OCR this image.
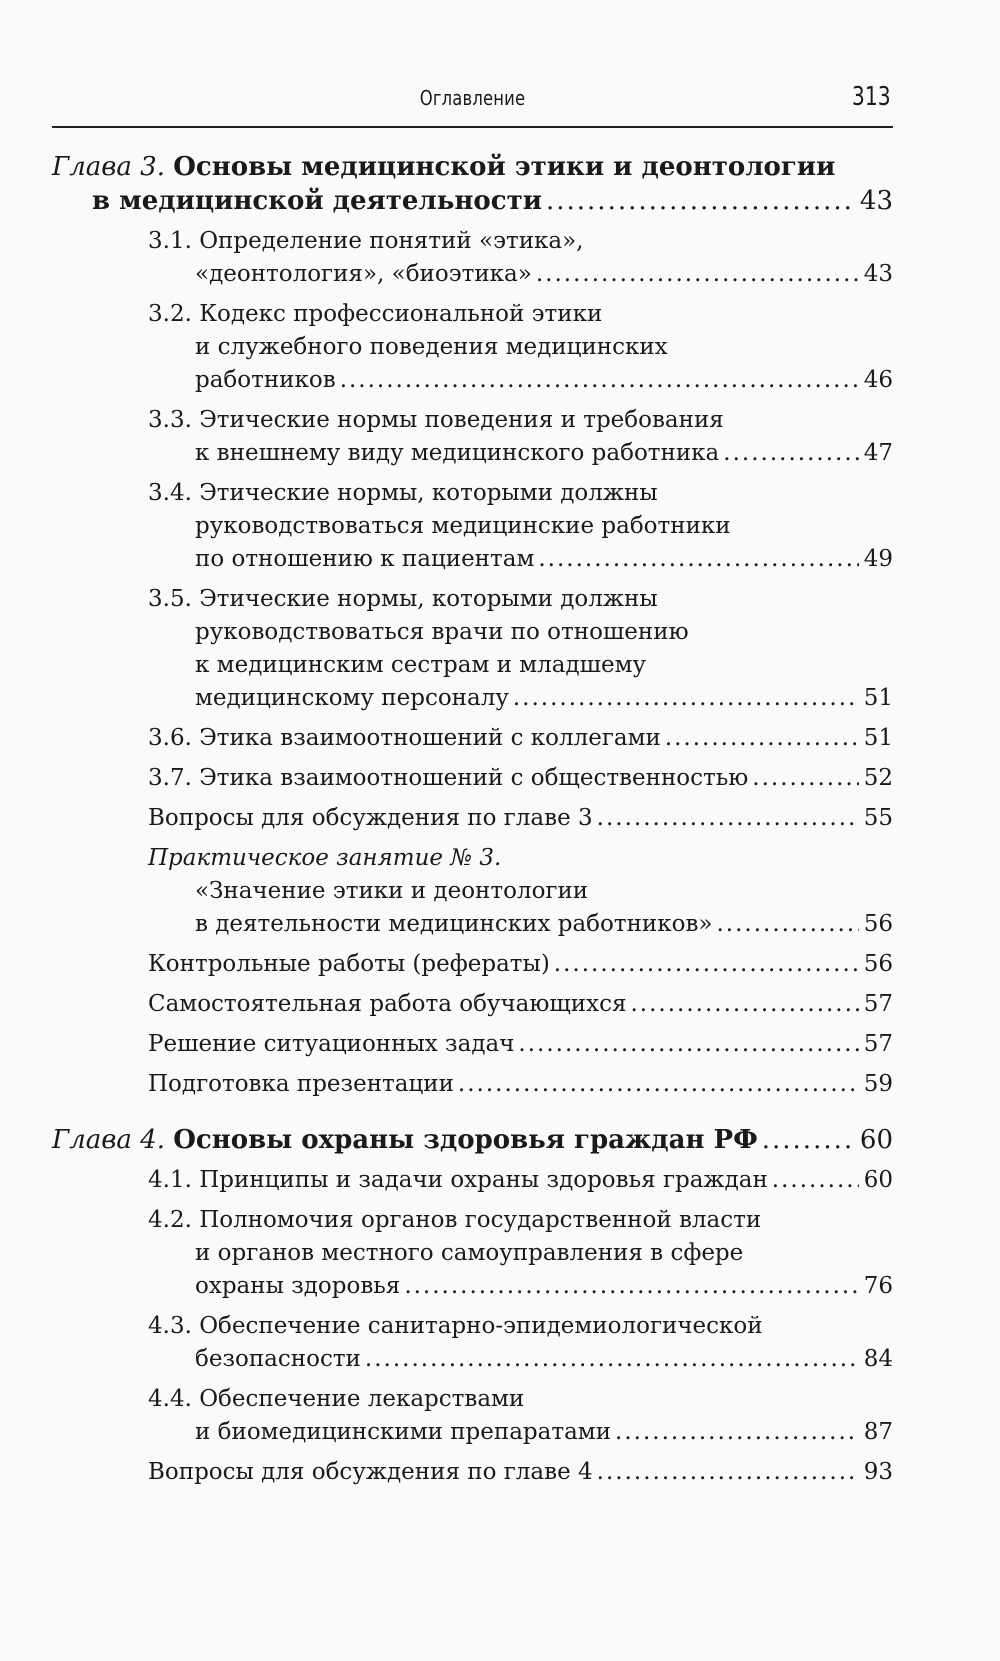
Оглавление	313
Глава 3. Основы медицинской этики и деонтологии
в медицинской деятельности .....	43
3.1. Определение понятий «этика»,
«деонтология», «биоэтика» .....	43
3.2. Кодекс профессиональной этики
и служебного поведения медицинских
работников .....	46
3.3. Этические нормы поведения и требования
к внешнему виду медицинского работника .....	47
3.4. Этические нормы, которыми должны
руководствоваться медицинские работники
по отношению к пациентам .....	49
3.5. Этические нормы, которыми должны
руководствоваться врачи по отношению
к медицинским сестрам и младшему
медицинскому персоналу .....	51
3.6. Этика взаимоотношений с коллегами .....	51
3.7. Этика взаимоотношений с общественностью .....	52
Вопросы для обсуждения по главе 3 .....	55
Практическое занятие № 3.
«Значение этики и деонтологии
в деятельности медицинских работников» .....	56
Контрольные работы (рефераты) .....	56
Самостоятельная работа обучающихся .....	57
Решение ситуационных задач .....	57
Подготовка презентации .....	59
Глава 4. Основы охраны здоровья граждан РФ .....	60
4.1. Принципы и задачи охраны здоровья граждан .....	60
4.2. Полномочия органов государственной власти
и органов местного самоуправления в сфере
охраны здоровья .....	76
4.3. Обеспечение санитарно-эпидемиологической
безопасности .....	84
4.4. Обеспечение лекарствами
и биомедицинскими препаратами .....	87
Вопросы для обсуждения по главе 4 .....	93
